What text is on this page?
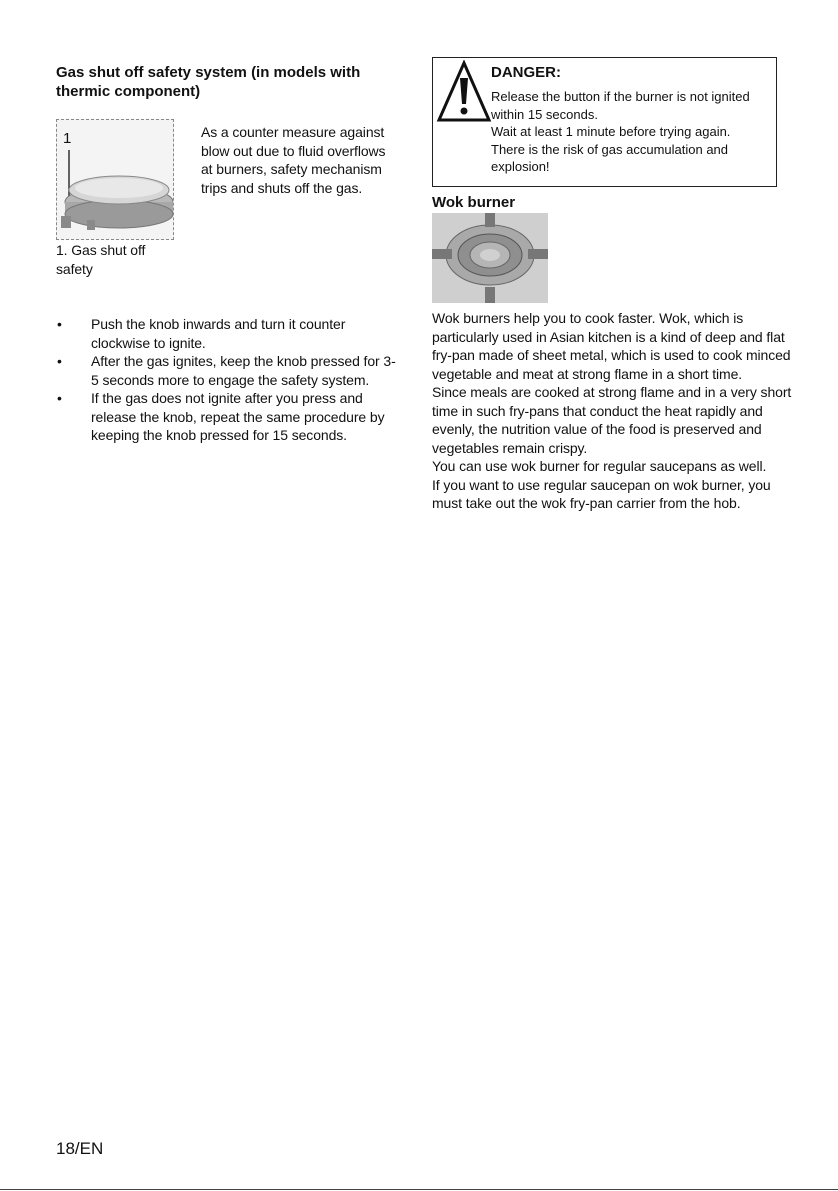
Gas shut off safety system (in models with thermic component)
1
1. Gas shut off safety
As a counter measure against blow out due to fluid overflows at burners, safety mechanism trips and shuts off the gas.
• Push the knob inwards and turn it counter clockwise to ignite.
• After the gas ignites, keep the knob pressed for 3-5 seconds more to engage the safety system.
• If the gas does not ignite after you press and release the knob, repeat the same procedure by keeping the knob pressed for 15 seconds.
DANGER:
Release the button if the burner is not ignited within 15 seconds.
Wait at least 1 minute before trying again.
There is the risk of gas accumulation and explosion!
Wok burner

Wok burners help you to cook faster. Wok, which is particularly used in Asian kitchen is a kind of deep and flat fry-pan made of sheet metal, which is used to cook minced vegetable and meat at strong flame in a short time.

Since meals are cooked at strong flame and in a very short time in such fry-pans that conduct the heat rapidly and evenly, the nutrition value of the food is preserved and vegetables remain crispy.

You can use wok burner for regular saucepans as well.

If you want to use regular saucepan on wok burner, you must take out the wok fry-pan carrier from the hob.

18/EN
